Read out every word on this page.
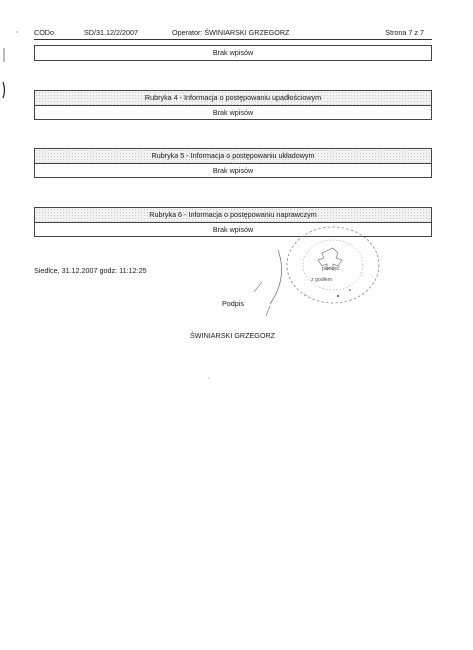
CODo	SD/31.12/2/2007	Operator: ŚWINIARSKI GRZEGORZ	Strona 7 z 7
Brak wpisów
Rubryka 4 - Informacja o postępowaniu upadłościowym
Brak wpisów
Rubryka 5 - Informacja o postępowaniu układowym
Brak wpisów
Rubryka 6 - Informacja o postępowaniu naprawczym
Brak wpisów
Siedlce, 31.12.2007 godz: 11:12:25	pieczęć
z godłem
Podpis
ŚWINIARSKI GRZEGORZ
